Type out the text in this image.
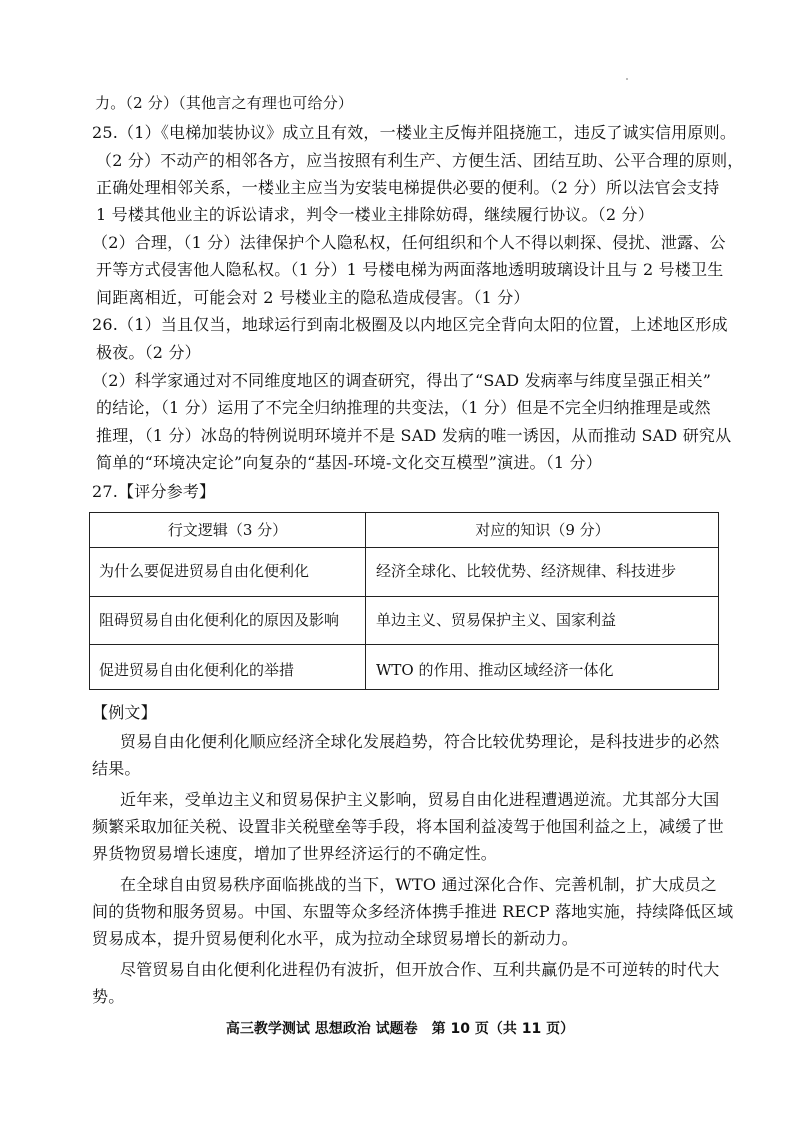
力。（2 分）（其他言之有理也可给分）
25.（1）《电梯加装协议》成立且有效，一楼业主反悔并阻挠施工，违反了诚实信用原则。
（2 分）不动产的相邻各方，应当按照有利生产、方便生活、团结互助、公平合理的原则，
正确处理相邻关系，一楼业主应当为安装电梯提供必要的便利。（2 分）所以法官会支持
1 号楼其他业主的诉讼请求，判令一楼业主排除妨碍，继续履行协议。（2 分）
（2）合理，（1 分）法律保护个人隐私权，任何组织和个人不得以刺探、侵扰、泄露、公
开等方式侵害他人隐私权。（1 分）1 号楼电梯为两面落地透明玻璃设计且与 2 号楼卫生
间距离相近，可能会对 2 号楼业主的隐私造成侵害。（1 分）
26.（1）当且仅当，地球运行到南北极圈及以内地区完全背向太阳的位置，上述地区形成
极夜。（2 分）
（2）科学家通过对不同维度地区的调查研究，得出了“SAD 发病率与纬度呈强正相关”
的结论，（1 分）运用了不完全归纳推理的共变法，（1 分）但是不完全归纳推理是或然
推理，（1 分）冰岛的特例说明环境并不是 SAD 发病的唯一诱因，从而推动 SAD 研究从
简单的“环境决定论”向复杂的“基因-环境-文化交互模型”演进。（1 分）
27.【评分参考】
行文逻辑（3 分）	对应的知识（9 分）
为什么要促进贸易自由化便利化	经济全球化、比较优势、经济规律、科技进步
阻碍贸易自由化便利化的原因及影响 单边主义、贸易保护主义、国家利益
促进贸易自由化便利化的举措	WTO 的作用、推动区域经济一体化
【例文】
贸易自由化便利化顺应经济全球化发展趋势，符合比较优势理论，是科技进步的必然
结果。
近年来，受单边主义和贸易保护主义影响，贸易自由化进程遭遇逆流。尤其部分大国
频繁采取加征关税、设置非关税壁垒等手段，将本国利益凌驾于他国利益之上，减缓了世
界货物贸易增长速度，增加了世界经济运行的不确定性。
在全球自由贸易秩序面临挑战的当下，WTO 通过深化合作、完善机制，扩大成员之
间的货物和服务贸易。中国、东盟等众多经济体携手推进 RECP 落地实施，持续降低区域
贸易成本，提升贸易便利化水平，成为拉动全球贸易增长的新动力。
尽管贸易自由化便利化进程仍有波折，但开放合作、互利共赢仍是不可逆转的时代大
势。
高三教学测试 思想政治 试题卷　第 10 页（共 11 页）
